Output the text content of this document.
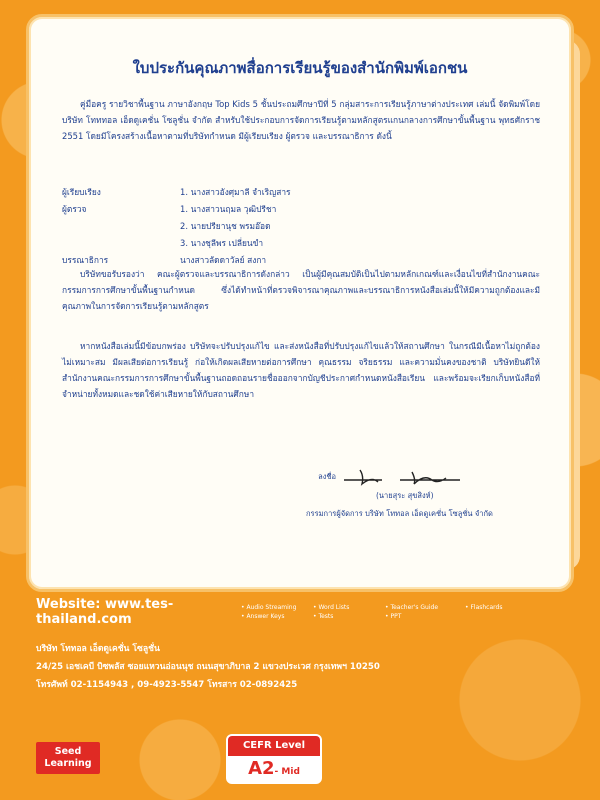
ใบประกันคุณภาพสื่อการเรียนรู้ของสำนักพิมพ์เอกชน

คู่มือครู รายวิชาพื้นฐาน ภาษาอังกฤษ Top Kids 5 ชั้นประถมศึกษาปีที่ 5 กลุ่มสาระการเรียนรู้ภาษาต่างประเทศ เล่มนี้ จัดพิมพ์โดย บริษัท โทททอล เอ็ดดูเคชั่น โซลูชั่น จำกัด สำหรับใช้ประกอบการจัดการเรียนรู้ตามหลักสูตรแกนกลางการศึกษาขั้นพื้นฐาน พุทธศักราช 2551 โดยมีโครงสร้างเนื้อหาตามที่บริษัทกำหนด มีผู้เรียบเรียง ผู้ตรวจ และบรรณาธิการ ดังนี้

ผู้เรียบเรียง	1. นางสาวอังศุมาลี จำเริญสาร
ผู้ตรวจ	1. นางสาวนฤมล วุฒิปรีชา
2. นายปรียานุช พรมอ๊อด
3. นางชุลีพร เปลี่ยนขำ
บรรณาธิการ	นางสาวลัดดาวัลย์ สงกา

บริษัทขอรับรองว่า คณะผู้ตรวจและบรรณาธิการดังกล่าว เป็นผู้มีคุณสมบัติเป็นไปตามหลักเกณฑ์และเงื่อนไขที่สำนักงานคณะกรรมการการศึกษาขั้นพื้นฐานกำหนด ซึ่งได้ทำหน้าที่ตรวจพิจารณาคุณภาพและบรรณาธิการหนังสือเล่มนี้ให้มีความถูกต้องและมีคุณภาพในการจัดการเรียนรู้ตามหลักสูตร

หากหนังสือเล่มนี้มีข้อบกพร่อง บริษัทจะปรับปรุงแก้ไข และส่งหนังสือที่ปรับปรุงแก้ไขแล้วให้สถานศึกษา ในกรณีมีเนื้อหาไม่ถูกต้อง ไม่เหมาะสม มีผลเสียต่อการเรียนรู้ ก่อให้เกิดผลเสียหายต่อการศึกษา คุณธรรม จริยธรรม และความมั่นคงของชาติ บริษัทยินดีให้สำนักงานคณะกรรมการการศึกษาขั้นพื้นฐานถอดถอนรายชื่อออกจากบัญชีประกาศกำหนดหนังสือเรียน และพร้อมจะเรียกเก็บหนังสือที่จำหน่ายทั้งหมดและชดใช้ค่าเสียหายให้กับสถานศึกษา

ลงชื่อ
(นายสุระ สุขสิงห์)
กรรมการผู้จัดการ บริษัท โททอล เอ็ดดูเคชั่น โซลูชั่น จำกัด
Website: www.tes-thailand.com
• Audio Streaming	• Word Lists	• Teacher's Guide	• Flashcards
• Answer Keys	• Tests	• PPT
บริษัท โททอล เอ็ดดูเคชั่น โซลูชั่น
24/25 เอชเคบี บิซพลัส ซอยแหวนอ่อนนุช ถนนสุขาภิบาล 2 แขวงประเวศ กรุงเทพฯ 10250
โทรศัพท์ 02-1154943 , 09-4923-5547 โทรสาร 02-0892425
Seed
Learning
CEFR Level
A2- Mid
